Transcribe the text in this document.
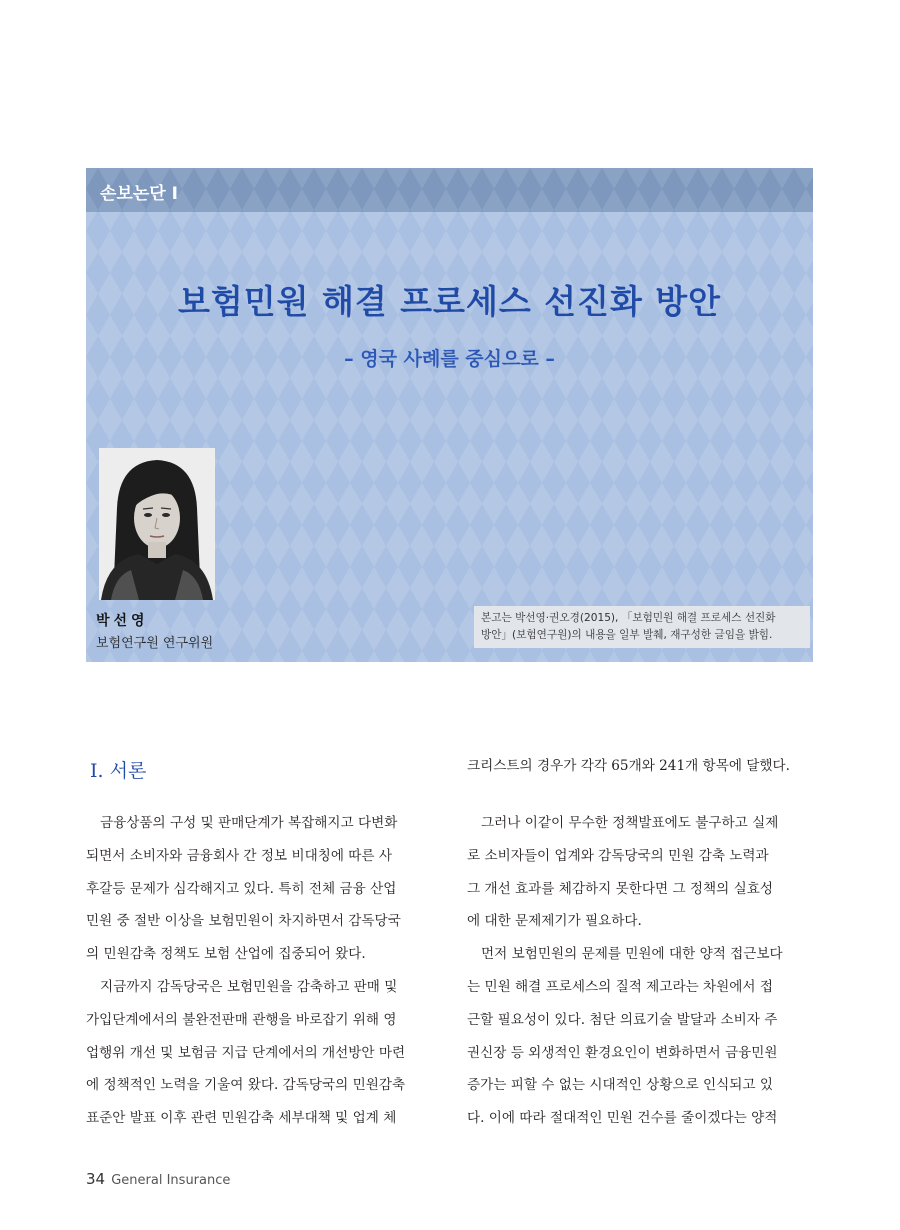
손보논단 Ⅰ
보험민원 해결 프로세스 선진화 방안
– 영국 사례를 중심으로 –
박선영
보험연구원 연구위원
본고는 박선영·권오경(2015), 「보험민원 해결 프로세스 선진화
방안」(보험연구원)의 내용을 일부 발췌, 재구성한 글임을 밝힘.
Ⅰ. 서론
금융상품의 구성 및 판매단계가 복잡해지고 다변화
되면서 소비자와 금융회사 간 정보 비대칭에 따른 사
후갈등 문제가 심각해지고 있다. 특히 전체 금융 산업
민원 중 절반 이상을 보험민원이 차지하면서 감독당국
의 민원감축 정책도 보험 산업에 집중되어 왔다.
지금까지 감독당국은 보험민원을 감축하고 판매 및
가입단계에서의 불완전판매 관행을 바로잡기 위해 영
업행위 개선 및 보험금 지급 단계에서의 개선방안 마련
에 정책적인 노력을 기울여 왔다. 감독당국의 민원감축
표준안 발표 이후 관련 민원감축 세부대책 및 업계 체
크리스트의 경우가 각각 65개와 241개 항목에 달했다.
그러나 이같이 무수한 정책발표에도 불구하고 실제
로 소비자들이 업계와 감독당국의 민원 감축 노력과
그 개선 효과를 체감하지 못한다면 그 정책의 실효성
에 대한 문제제기가 필요하다.
먼저 보험민원의 문제를 민원에 대한 양적 접근보다
는 민원 해결 프로세스의 질적 제고라는 차원에서 접
근할 필요성이 있다. 첨단 의료기술 발달과 소비자 주
권신장 등 외생적인 환경요인이 변화하면서 금융민원
증가는 피할 수 없는 시대적인 상황으로 인식되고 있
다. 이에 따라 절대적인 민원 건수를 줄이겠다는 양적
34 General Insurance
